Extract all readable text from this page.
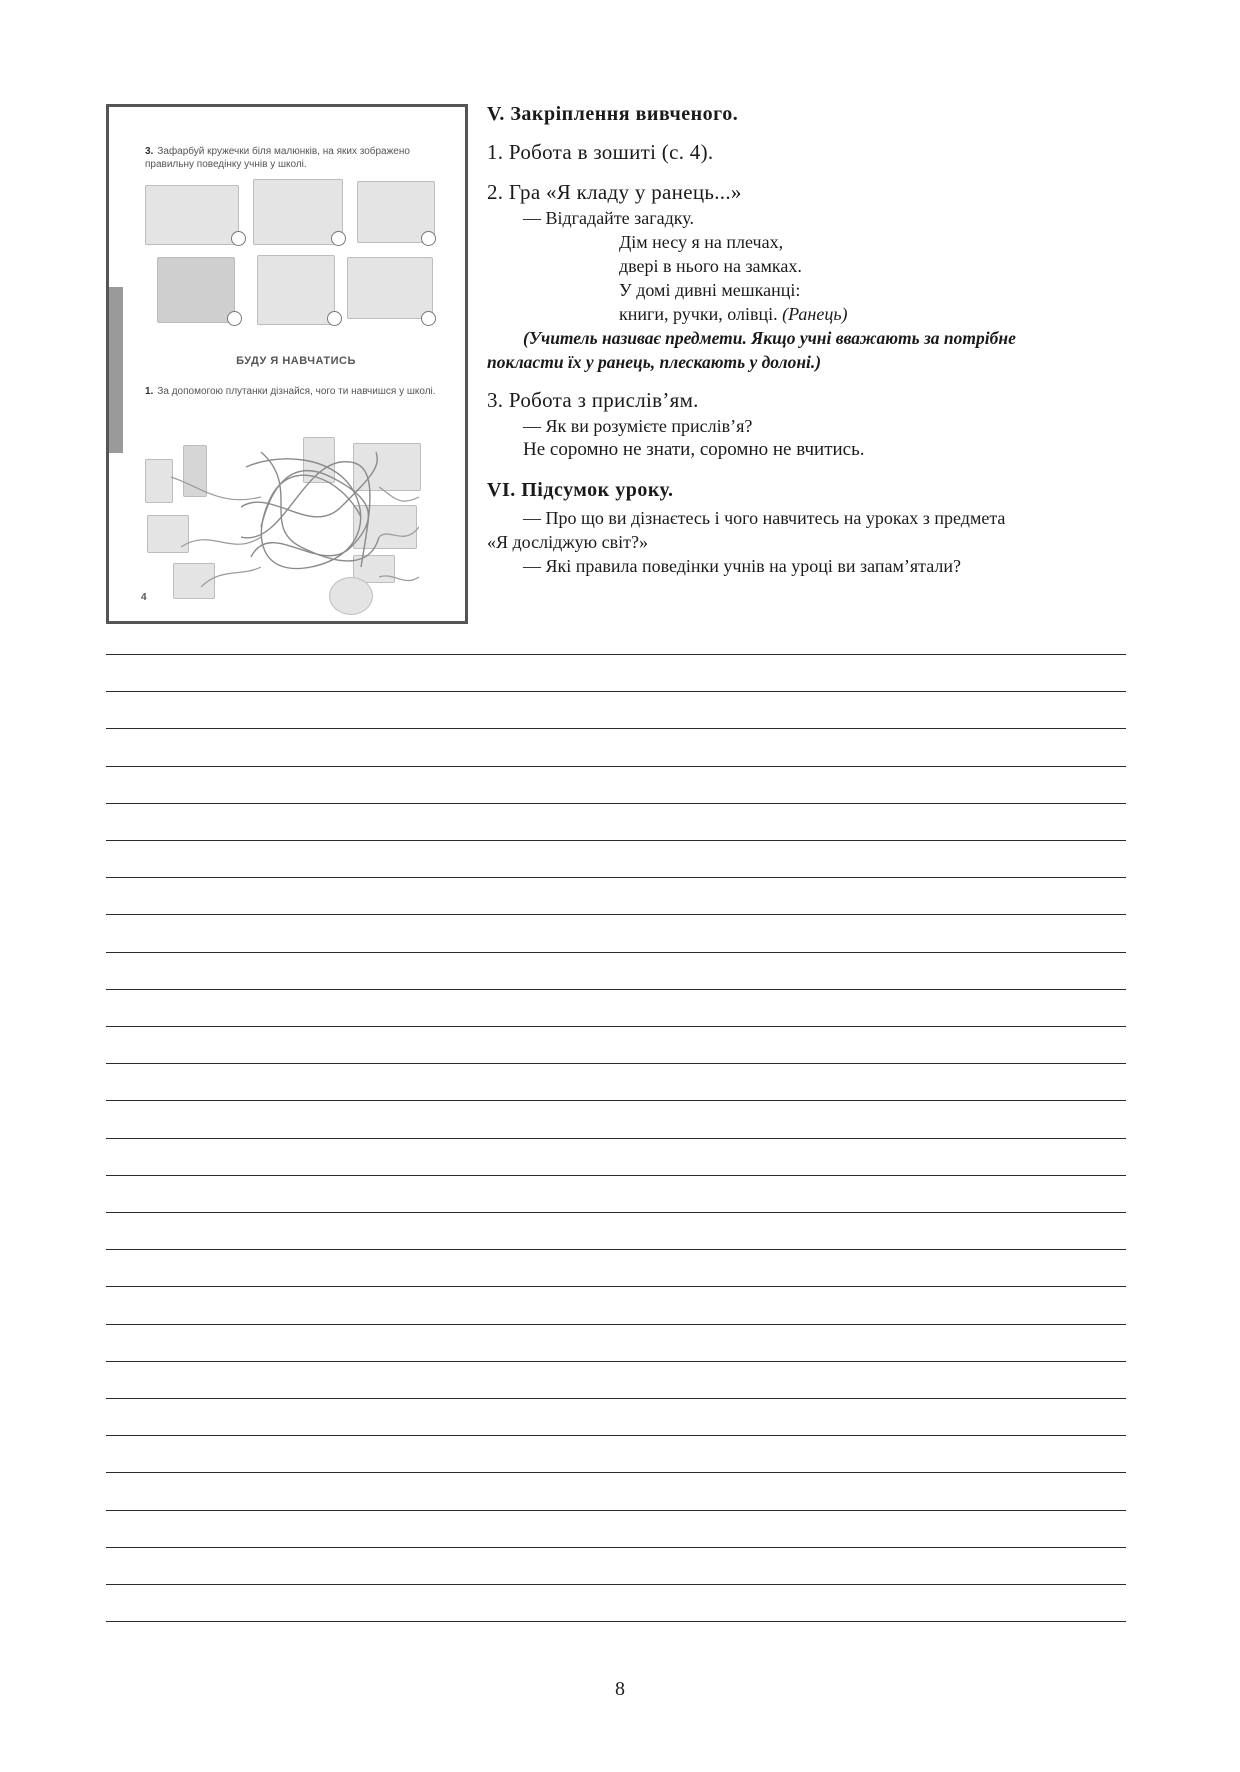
3. Зафарбуй кружечки біля малюнків, на яких зображено правильну поведінку учнів у школі.
БУДУ Я НАВЧАТИСЬ
1. За допомогою плутанки дізнайся, чого ти навчишся у школі.
4

V. Закріплення вивченого.

1. Робота в зошиті (с. 4).

2. Гра «Я кладу у ранець...»

— Відгадайте загадку.

Дім несу я на плечах,

двері в нього на замках.

У домі дивні мешканці:

книги, ручки, олівці. (Ранець)

(Учитель називає предмети. Якщо учні вважають за потрібне

покласти їх у ранець, плескають у долоні.)

3. Робота з прислів’ям.

— Як ви розумієте прислів’я?

Не соромно не знати, соромно не вчитись.

VI. Підсумок уроку.

— Про що ви дізнаєтесь і чого навчитесь на уроках з предмета

«Я досліджую світ?»

— Які правила поведінки учнів на уроці ви запам’ятали?

8
